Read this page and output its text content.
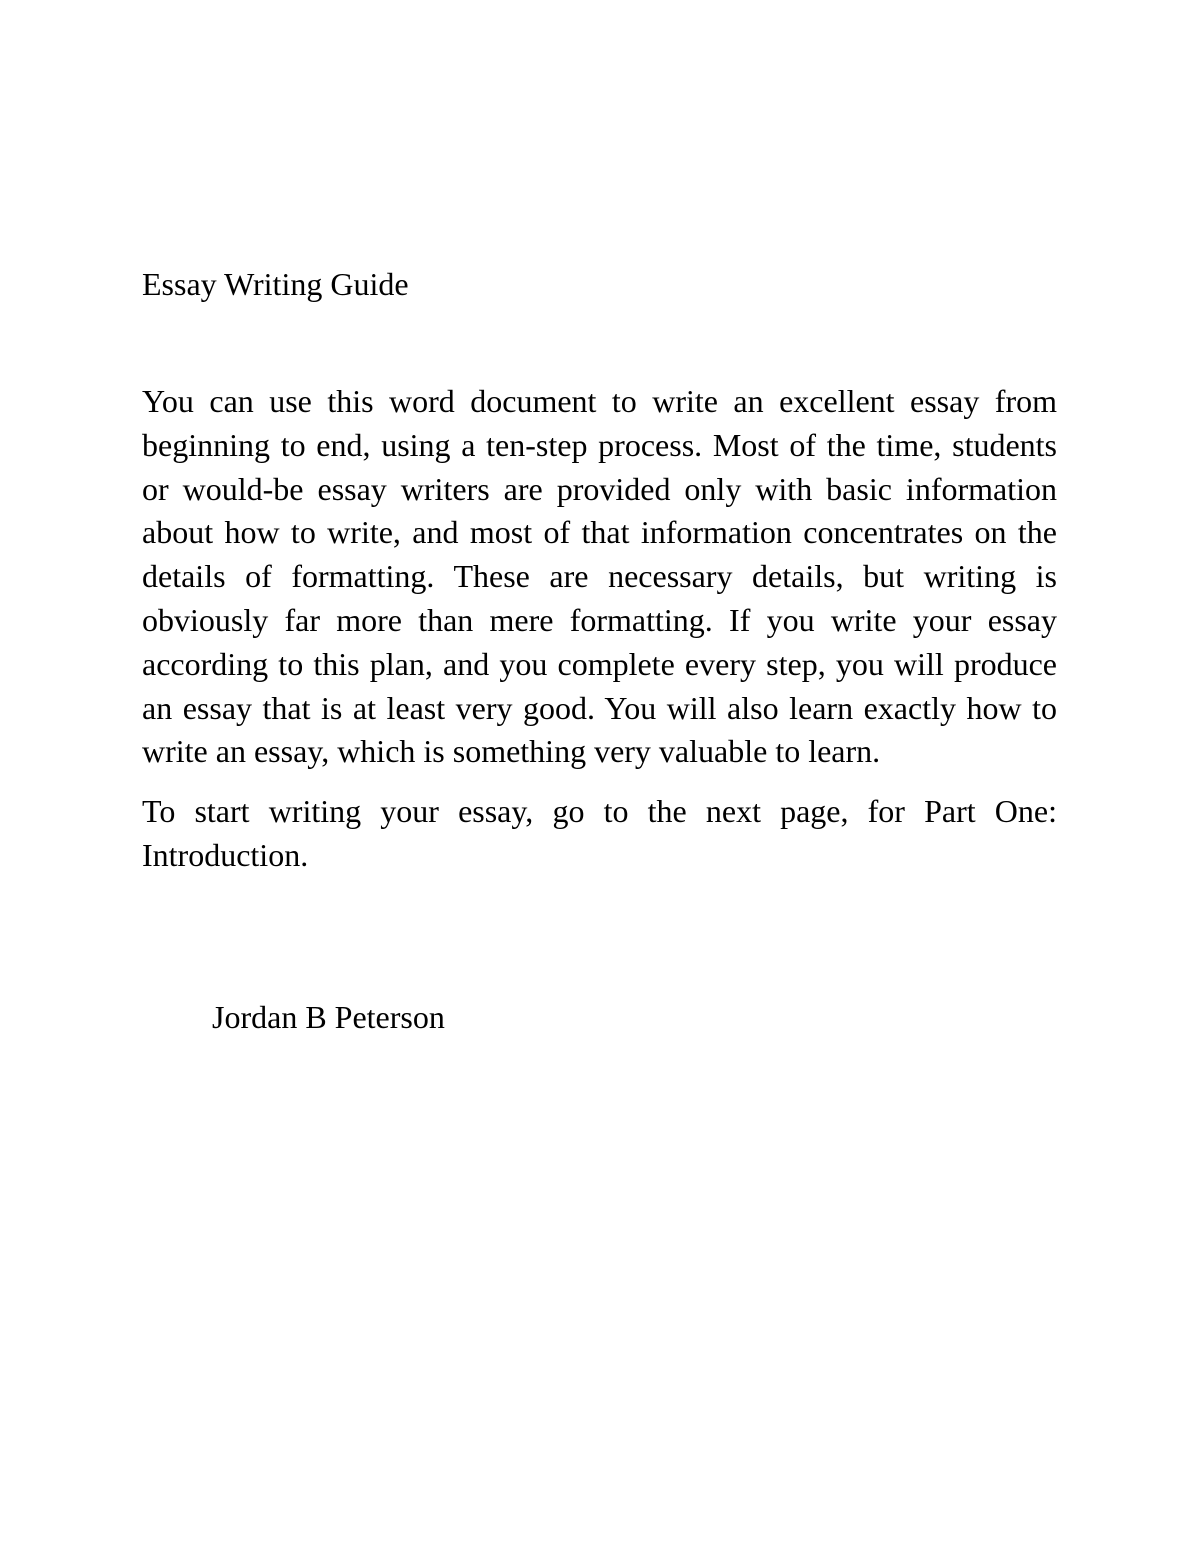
Essay Writing Guide

You can use this word document to write an excellent essay from beginning to end, using a ten-step process. Most of the time, students or would-be essay writers are provided only with basic information about how to write, and most of that information concentrates on the details of formatting. These are necessary details, but writing is obviously far more than mere formatting. If you write your essay according to this plan, and you complete every step, you will produce an essay that is at least very good. You will also learn exactly how to write an essay, which is something very valuable to learn.

To start writing your essay, go to the next page, for Part One: Introduction.

Jordan B Peterson
